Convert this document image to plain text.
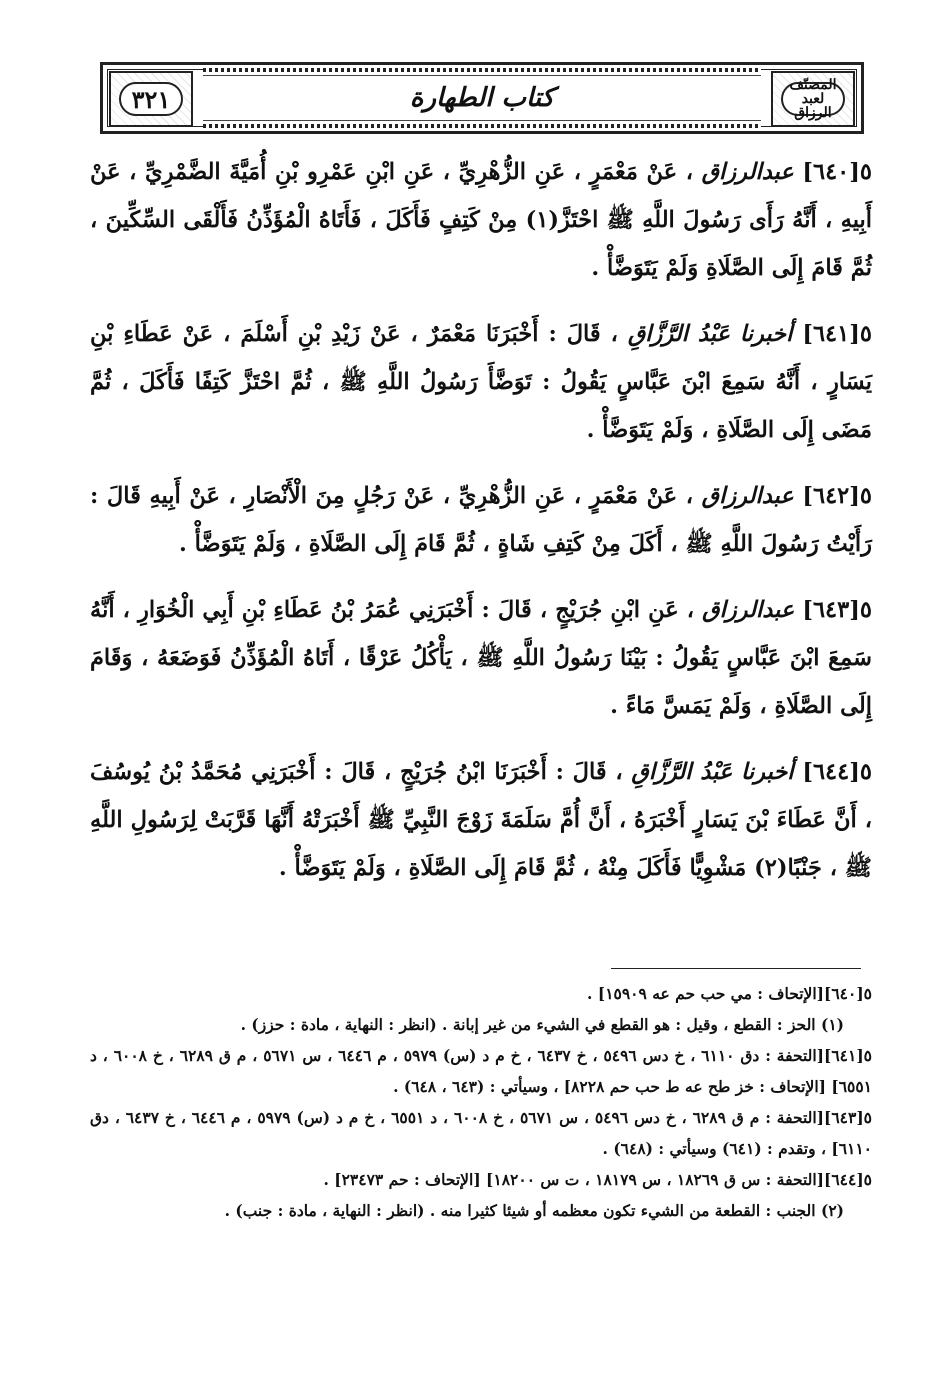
٣٢١	كتاب الطهارة	المصنّف
لعبد الرزاق

٥[٦٤٠] عبدالرزاق ، عَنْ مَعْمَرٍ ، عَنِ الزُّهْرِيِّ ، عَنِ ابْنِ عَمْرِو بْنِ أُمَيَّةَ الضَّمْرِيِّ ، عَنْ أَبِيهِ ، أَنَّهُ رَأَى رَسُولَ اللَّهِ ﷺ احْتَزَّ(١) مِنْ كَتِفٍ فَأَكَلَ ، فَأَتَاهُ الْمُؤَذِّنُ فَأَلْقَى السِّكِّينَ ، ثُمَّ قَامَ إِلَى الصَّلَاةِ وَلَمْ يَتَوَضَّأْ .

٥[٦٤١] أخبرنا عَبْدُ الرَّزَّاقِ ، قَالَ : أَخْبَرَنَا مَعْمَرٌ ، عَنْ زَيْدِ بْنِ أَسْلَمَ ، عَنْ عَطَاءِ بْنِ يَسَارٍ ، أَنَّهُ سَمِعَ ابْنَ عَبَّاسٍ يَقُولُ : تَوَضَّأَ رَسُولُ اللَّهِ ﷺ ، ثُمَّ احْتَزَّ كَتِفًا فَأَكَلَ ، ثُمَّ مَضَى إِلَى الصَّلَاةِ ، وَلَمْ يَتَوَضَّأْ .

٥[٦٤٢] عبدالرزاق ، عَنْ مَعْمَرٍ ، عَنِ الزُّهْرِيِّ ، عَنْ رَجُلٍ مِنَ الْأَنْصَارِ ، عَنْ أَبِيهِ قَالَ : رَأَيْتُ رَسُولَ اللَّهِ ﷺ ، أَكَلَ مِنْ كَتِفِ شَاةٍ ، ثُمَّ قَامَ إِلَى الصَّلَاةِ ، وَلَمْ يَتَوَضَّأْ .

٥[٦٤٣] عبدالرزاق ، عَنِ ابْنِ جُرَيْجٍ ، قَالَ : أَخْبَرَنِي عُمَرُ بْنُ عَطَاءِ بْنِ أَبِي الْخُوَارِ ، أَنَّهُ سَمِعَ ابْنَ عَبَّاسٍ يَقُولُ : بَيْنَا رَسُولُ اللَّهِ ﷺ ، يَأْكُلُ عَرْقًا ، أَتَاهُ الْمُؤَذِّنُ فَوَضَعَهُ ، وَقَامَ إِلَى الصَّلَاةِ ، وَلَمْ يَمَسَّ مَاءً .

٥[٦٤٤] أخبرنا عَبْدُ الرَّزَّاقِ ، قَالَ : أَخْبَرَنَا ابْنُ جُرَيْجٍ ، قَالَ : أَخْبَرَنِي مُحَمَّدُ بْنُ يُوسُفَ ، أَنَّ عَطَاءَ بْنَ يَسَارٍ أَخْبَرَهُ ، أَنَّ أُمَّ سَلَمَةَ زَوْجَ النَّبِيِّ ﷺ أَخْبَرَتْهُ أَنَّهَا قَرَّبَتْ لِرَسُولِ اللَّهِ ﷺ ، جَنْبًا(٢) مَشْوِيًّا فَأَكَلَ مِنْهُ ، ثُمَّ قَامَ إِلَى الصَّلَاةِ ، وَلَمْ يَتَوَضَّأْ .

٥[٦٤٠][الإتحاف : مي حب حم عه ١٥٩٠٩] .

(١) الحز : القطع ، وقيل : هو القطع في الشيء من غير إبانة . (انظر : النهاية ، مادة : حزز) .

٥[٦٤١][التحفة : دق ٦١١٠ ، خ دس ٥٤٩٦ ، خ ٦٤٣٧ ، خ م د (س) ٥٩٧٩ ، م ٦٤٤٦ ، س ٥٦٧١ ، م ق ٦٢٨٩ ، خ ٦٠٠٨ ، د ٦٥٥١] [الإتحاف : خز طح عه ط حب حم ٨٢٢٨] ، وسيأتي : (٦٤٣ ، ٦٤٨) .

٥[٦٤٣][التحفة : م ق ٦٢٨٩ ، خ دس ٥٤٩٦ ، س ٥٦٧١ ، خ ٦٠٠٨ ، د ٦٥٥١ ، خ م د (س) ٥٩٧٩ ، م ٦٤٤٦ ، خ ٦٤٣٧ ، دق ٦١١٠] ، وتقدم : (٦٤١) وسيأتي : (٦٤٨) .

٥[٦٤٤][التحفة : س ق ١٨٢٦٩ ، س ١٨١٧٩ ، ت س ١٨٢٠٠] [الإتحاف : حم ٢٣٤٧٣] .

(٢) الجنب : القطعة من الشيء تكون معظمه أو شيئا كثيرا منه . (انظر : النهاية ، مادة : جنب) .
